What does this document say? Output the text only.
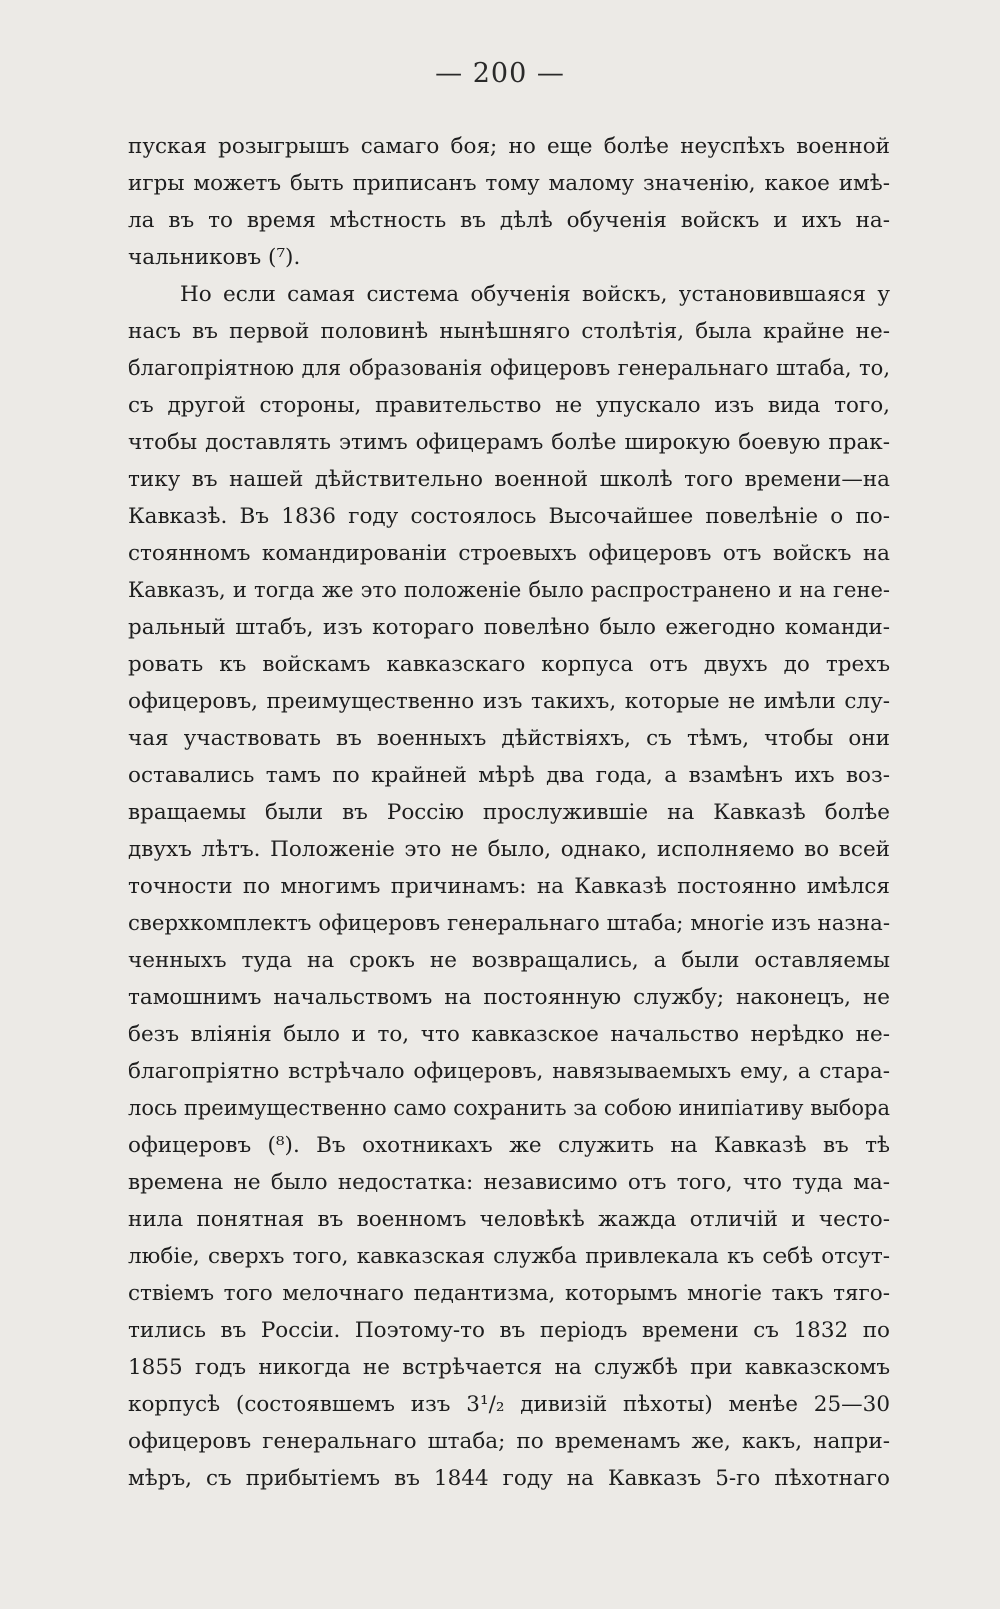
— 200 —
пуская розыгрышъ самаго боя; но еще болѣе неуспѣхъ военной
игры можетъ быть приписанъ тому малому значенію, какое имѣ-
ла въ то время мѣстность въ дѣлѣ обученія войскъ и ихъ на-
чальниковъ (⁷).
Но если самая система обученія войскъ, установившаяся у
насъ въ первой половинѣ нынѣшняго столѣтія, была крайне не-
благопріятною для образованія офицеровъ генеральнаго штаба, то,
съ другой стороны, правительство не упускало изъ вида того,
чтобы доставлять этимъ офицерамъ болѣе широкую боевую прак-
тику въ нашей дѣйствительно военной школѣ того времени—на
Кавказѣ. Въ 1836 году состоялось Высочайшее повелѣніе о по-
стоянномъ командированіи строевыхъ офицеровъ отъ войскъ на
Кавказъ, и тогда же это положеніе было распространено и на гене-
ральный штабъ, изъ котораго повелѣно было ежегодно команди-
ровать къ войскамъ кавказскаго корпуса отъ двухъ до трехъ
офицеровъ, преимущественно изъ такихъ, которые не имѣли слу-
чая участвовать въ военныхъ дѣйствіяхъ, съ тѣмъ, чтобы они
оставались тамъ по крайней мѣрѣ два года, а взамѣнъ ихъ воз-
вращаемы были въ Россію прослужившіе на Кавказѣ болѣе
двухъ лѣтъ. Положеніе это не было, однако, исполняемо во всей
точности по многимъ причинамъ: на Кавказѣ постоянно имѣлся
сверхкомплектъ офицеровъ генеральнаго штаба; многіе изъ назна-
ченныхъ туда на срокъ не возвращались, а были оставляемы
тамошнимъ начальствомъ на постоянную службу; наконецъ, не
безъ вліянія было и то, что кавказское начальство нерѣдко не-
благопріятно встрѣчало офицеровъ, навязываемыхъ ему, а стара-
лось преимущественно само сохранить за собою инипіативу выбора
офицеровъ (⁸). Въ охотникахъ же служить на Кавказѣ въ тѣ
времена не было недостатка: независимо отъ того, что туда ма-
нила понятная въ военномъ человѣкѣ жажда отличій и често-
любіе, сверхъ того, кавказская служба привлекала къ себѣ отсут-
ствіемъ того мелочнаго педантизма, которымъ многіе такъ тяго-
тились въ Россіи. Поэтому-то въ періодъ времени съ 1832 по
1855 годъ никогда не встрѣчается на службѣ при кавказскомъ
корпусѣ (состоявшемъ изъ 3¹/₂ дивизій пѣхоты) менѣе 25—30
офицеровъ генеральнаго штаба; по временамъ же, какъ, напри-
мѣръ, съ прибытіемъ въ 1844 году на Кавказъ 5-го пѣхотнаго
